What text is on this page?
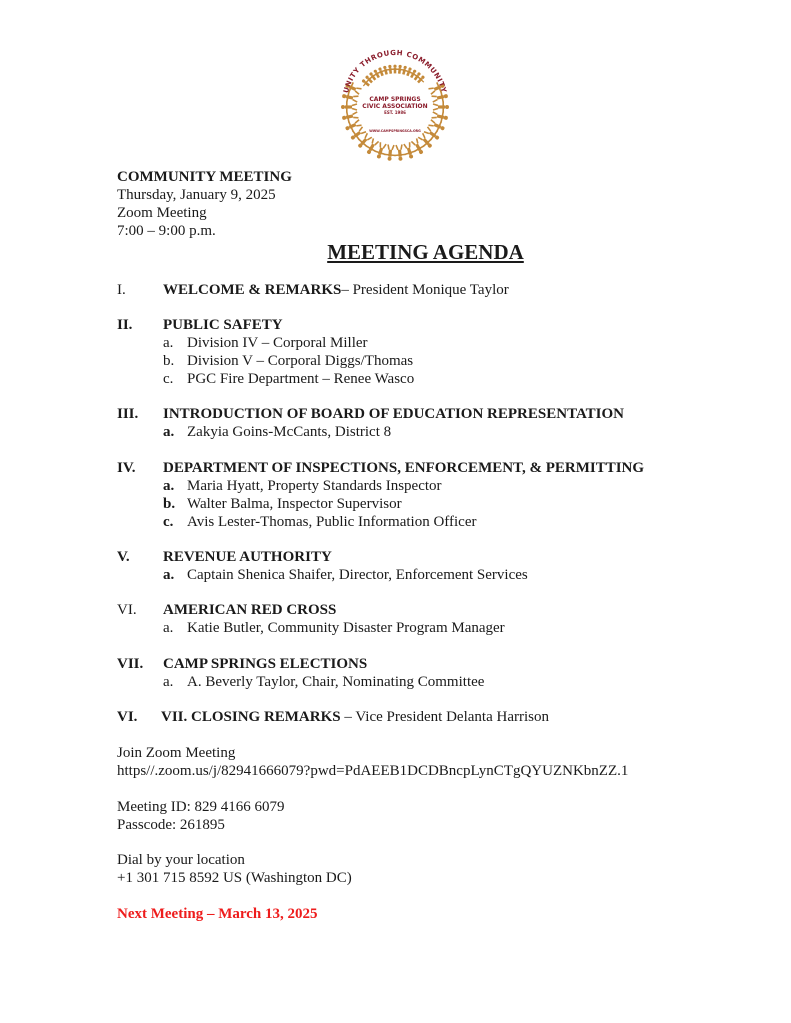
UNITY THROUGH COMMUNITY
CAMP SPRINGS
CIVIC ASSOCIATION
EST. 1986
WWW.CAMPSPRINGSCA.ORG
COMMUNITY MEETING
Thursday, January 9, 2025
Zoom Meeting
7:00 – 9:00 p.m.
MEETING AGENDA
I. WELCOME & REMARKS– President Monique Taylor
II. PUBLIC SAFETY
a. Division IV – Corporal Miller
b. Division V – Corporal Diggs/Thomas
c. PGC Fire Department – Renee Wasco
III. INTRODUCTION OF BOARD OF EDUCATION REPRESENTATION
a. Zakyia Goins-McCants, District 8
IV. DEPARTMENT OF INSPECTIONS, ENFORCEMENT, & PERMITTING
a. Maria Hyatt, Property Standards Inspector
b. Walter Balma, Inspector Supervisor
c. Avis Lester-Thomas, Public Information Officer
V. REVENUE AUTHORITY
a. Captain Shenica Shaifer, Director, Enforcement Services
VI. AMERICAN RED CROSS
a. Katie Butler, Community Disaster Program Manager
VII. CAMP SPRINGS ELECTIONS
a. A. Beverly Taylor, Chair, Nominating Committee
VI. VII. CLOSING REMARKS – Vice President Delanta Harrison
Join Zoom Meeting
https//.zoom.us/j/82941666079?pwd=PdAEEB1DCDBncpLynCTgQYUZNKbnZZ.1
Meeting ID: 829 4166 6079
Passcode: 261895
Dial by your location
+1 301 715 8592 US (Washington DC)
Next Meeting – March 13, 2025
